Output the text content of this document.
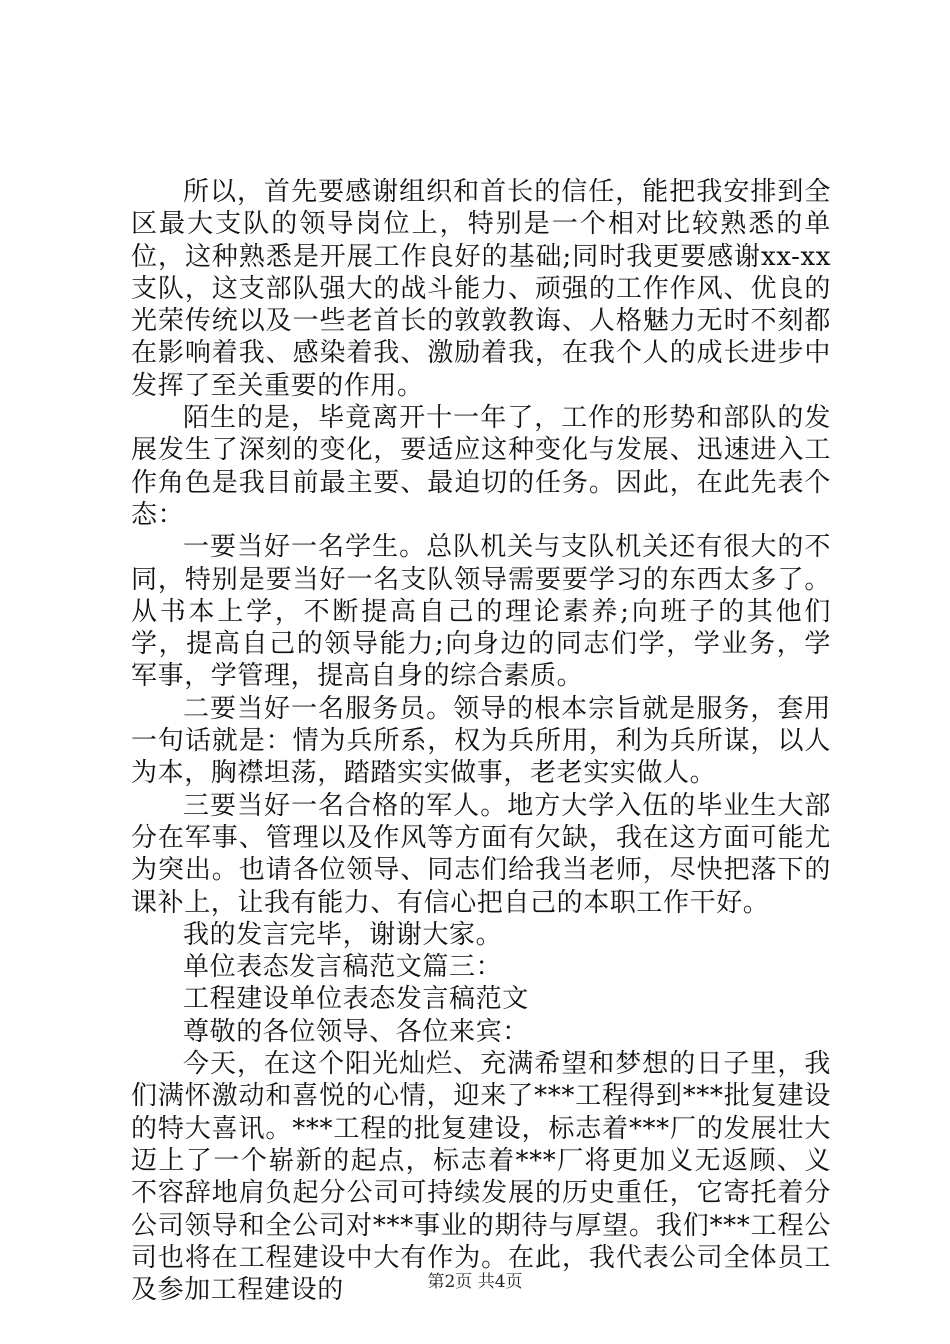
所以，首先要感谢组织和首长的信任，能把我安排到全区最大支队的领导岗位上，特别是一个相对比较熟悉的单位，这种熟悉是开展工作良好的基础;同时我更要感谢xx-xx支队，这支部队强大的战斗能力、顽强的工作作风、优良的光荣传统以及一些老首长的敦敦教诲、人格魅力无时不刻都在影响着我、感染着我、激励着我，在我个人的成长进步中发挥了至关重要的作用。

陌生的是，毕竟离开十一年了，工作的形势和部队的发展发生了深刻的变化，要适应这种变化与发展、迅速进入工作角色是我目前最主要、最迫切的任务。因此，在此先表个态：

一要当好一名学生。总队机关与支队机关还有很大的不同，特别是要当好一名支队领导需要要学习的东西太多了。从书本上学，不断提高自己的理论素养;向班子的其他们学，提高自己的领导能力;向身边的同志们学，学业务，学军事，学管理，提高自身的综合素质。

二要当好一名服务员。领导的根本宗旨就是服务，套用一句话就是：情为兵所系，权为兵所用，利为兵所谋，以人为本，胸襟坦荡，踏踏实实做事，老老实实做人。

三要当好一名合格的军人。地方大学入伍的毕业生大部分在军事、管理以及作风等方面有欠缺，我在这方面可能尤为突出。也请各位领导、同志们给我当老师，尽快把落下的课补上，让我有能力、有信心把自己的本职工作干好。

我的发言完毕，谢谢大家。

单位表态发言稿范文篇三：

工程建设单位表态发言稿范文

尊敬的各位领导、各位来宾：

今天，在这个阳光灿烂、充满希望和梦想的日子里，我们满怀激动和喜悦的心情，迎来了***工程得到***批复建设的特大喜讯。***工程的批复建设，标志着***厂的发展壮大迈上了一个崭新的起点，标志着***厂将更加义无返顾、义不容辞地肩负起分公司可持续发展的历史重任，它寄托着分公司领导和全公司对***事业的期待与厚望。我们***工程公司也将在工程建设中大有作为。在此，我代表公司全体员工及参加工程建设的	第2页 共4页
